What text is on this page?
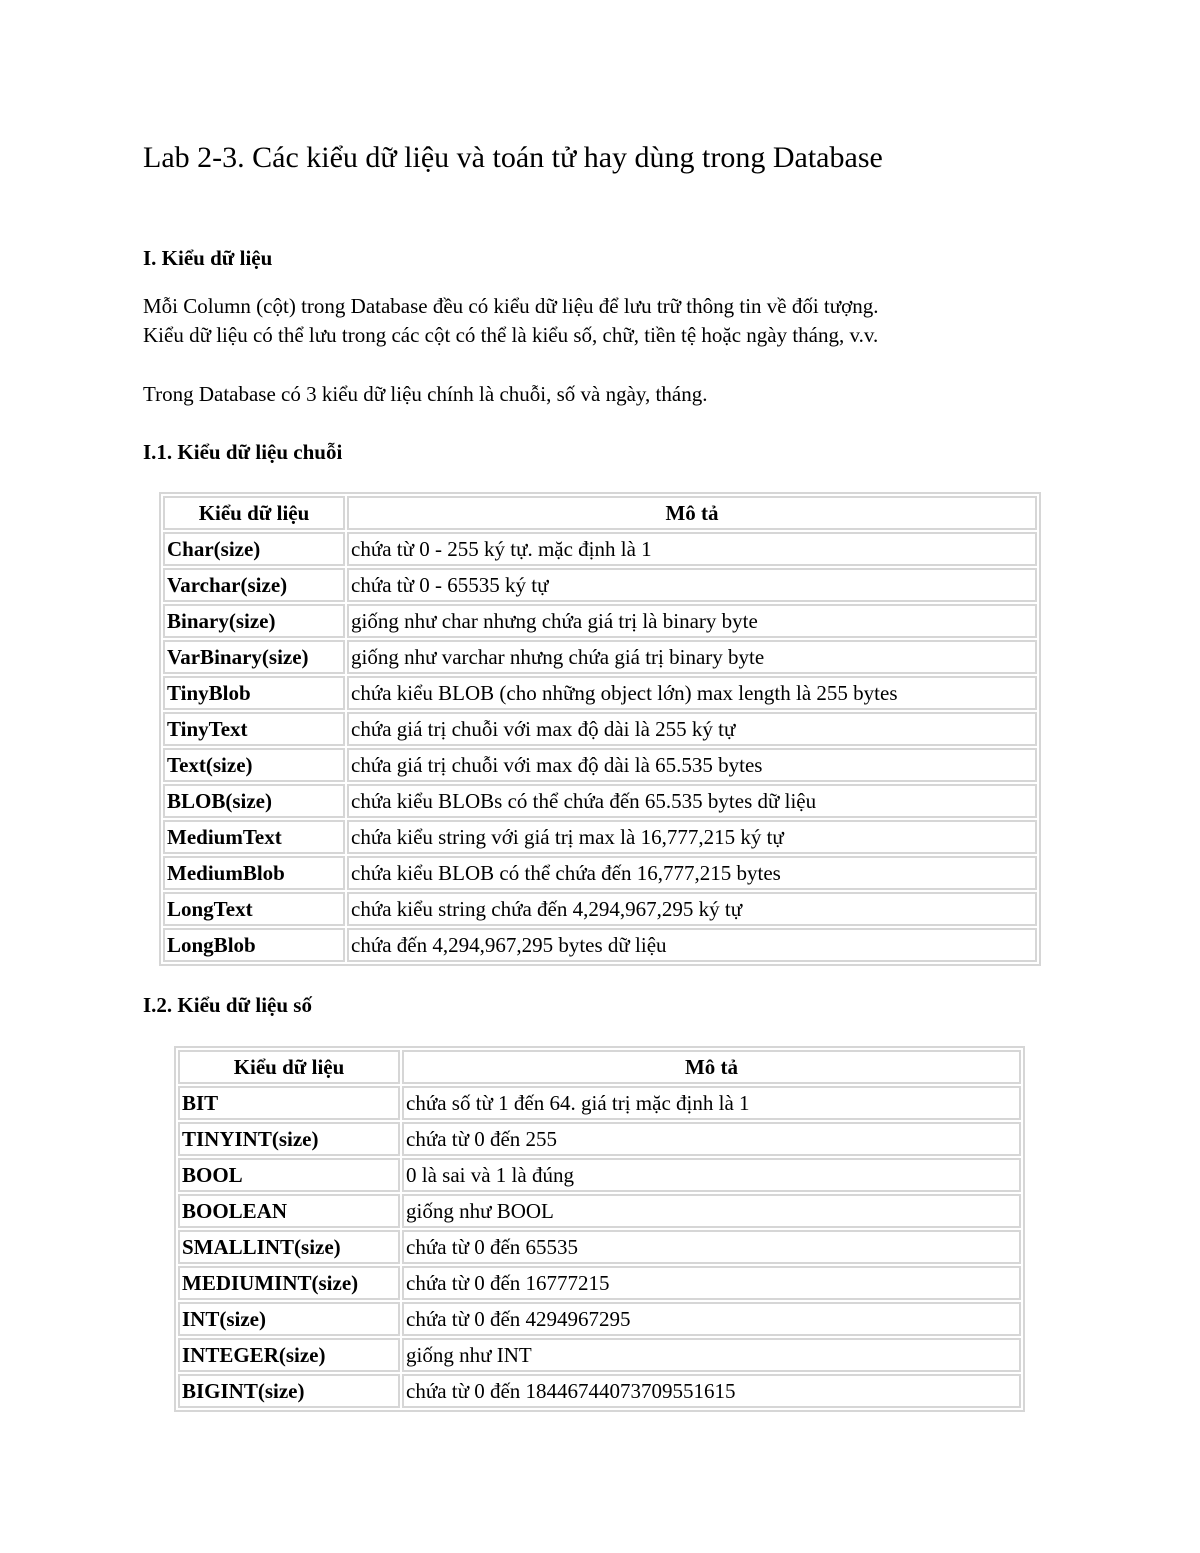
Lab 2-3. Các kiểu dữ liệu và toán tử hay dùng trong Database
I. Kiểu dữ liệu

Mỗi Column (cột) trong Database đều có kiểu dữ liệu để lưu trữ thông tin về đối tượng.
Kiểu dữ liệu có thể lưu trong các cột có thể là kiểu số, chữ, tiền tệ hoặc ngày tháng, v.v.

Trong Database có 3 kiểu dữ liệu chính là chuỗi, số và ngày, tháng.

I.1. Kiểu dữ liệu chuỗi
Kiểu dữ liệu	Mô tả
Char(size)	chứa từ 0 - 255 ký tự. mặc định là 1
Varchar(size)	chứa từ 0 - 65535 ký tự
Binary(size)	giống như char nhưng chứa giá trị là binary byte
VarBinary(size)	giống như varchar nhưng chứa giá trị binary byte
TinyBlob	chứa kiểu BLOB (cho những object lớn) max length là 255 bytes
TinyText	chứa giá trị chuỗi với max độ dài là 255 ký tự
Text(size)	chứa giá trị chuỗi với max độ dài là 65.535 bytes
BLOB(size)	chứa kiểu BLOBs có thể chứa đến 65.535 bytes dữ liệu
MediumText	chứa kiểu string với giá trị max là 16,777,215 ký tự
MediumBlob	chứa kiểu BLOB có thể chứa đến 16,777,215 bytes
LongText	chứa kiểu string chứa đến 4,294,967,295 ký tự
LongBlob	chứa đến 4,294,967,295 bytes dữ liệu
I.2. Kiểu dữ liệu số
Kiểu dữ liệu	Mô tả
BIT	chứa số từ 1 đến 64. giá trị mặc định là 1
TINYINT(size)	chứa từ 0 đến 255
BOOL	0 là sai và 1 là đúng
BOOLEAN	giống như BOOL
SMALLINT(size)	chứa từ 0 đến 65535
MEDIUMINT(size)	chứa từ 0 đến 16777215
INT(size)	chứa từ 0 đến 4294967295
INTEGER(size)	giống như INT
BIGINT(size)	chứa từ 0 đến 18446744073709551615
